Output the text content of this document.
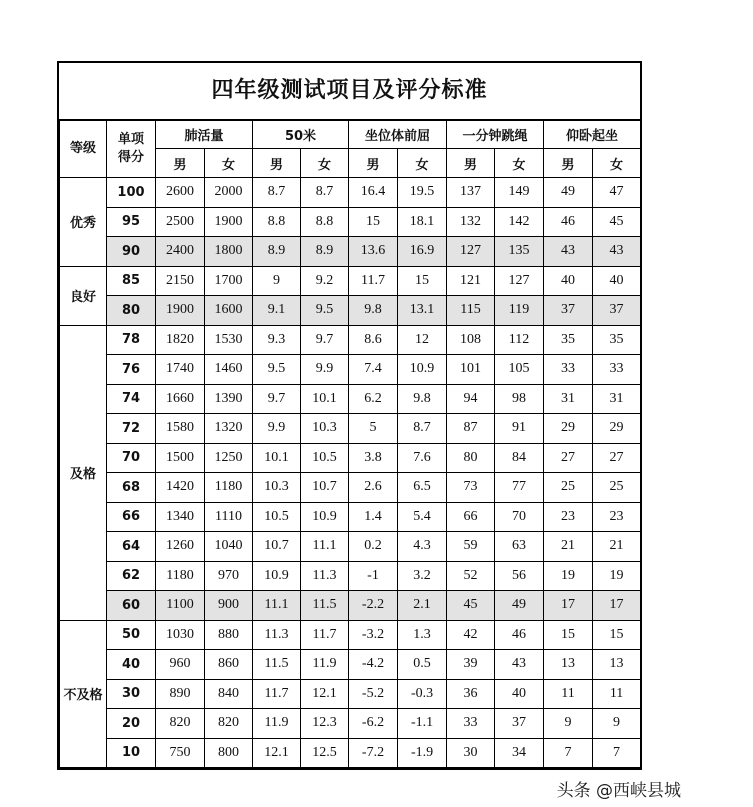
四年级测试项目及评分标准
等级	单项得分	肺活量		50米		坐位体前屈		一分钟跳绳		仰卧起坐	
		男	女	男	女	男	女	男	女	男	女
优秀	100	2600	2000	8.7	8.7	16.4	19.5	137	149	49	47
	95	2500	1900	8.8	8.8	15	18.1	132	142	46	45
	90	2400	1800	8.9	8.9	13.6	16.9	127	135	43	43
良好	85	2150	1700	9	9.2	11.7	15	121	127	40	40
	80	1900	1600	9.1	9.5	9.8	13.1	115	119	37	37
及格	78	1820	1530	9.3	9.7	8.6	12	108	112	35	35
	76	1740	1460	9.5	9.9	7.4	10.9	101	105	33	33
	74	1660	1390	9.7	10.1	6.2	9.8	94	98	31	31
	72	1580	1320	9.9	10.3	5	8.7	87	91	29	29
	70	1500	1250	10.1	10.5	3.8	7.6	80	84	27	27
	68	1420	1180	10.3	10.7	2.6	6.5	73	77	25	25
	66	1340	1110	10.5	10.9	1.4	5.4	66	70	23	23
	64	1260	1040	10.7	11.1	0.2	4.3	59	63	21	21
	62	1180	970	10.9	11.3	-1	3.2	52	56	19	19
	60	1100	900	11.1	11.5	-2.2	2.1	45	49	17	17
不及格	50	1030	880	11.3	11.7	-3.2	1.3	42	46	15	15
	40	960	860	11.5	11.9	-4.2	0.5	39	43	13	13
	30	890	840	11.7	12.1	-5.2	-0.3	36	40	11	11
	20	820	820	11.9	12.3	-6.2	-1.1	33	37	9	9
	10	750	800	12.1	12.5	-7.2	-1.9	30	34	7	7
头条 @西峡县城
